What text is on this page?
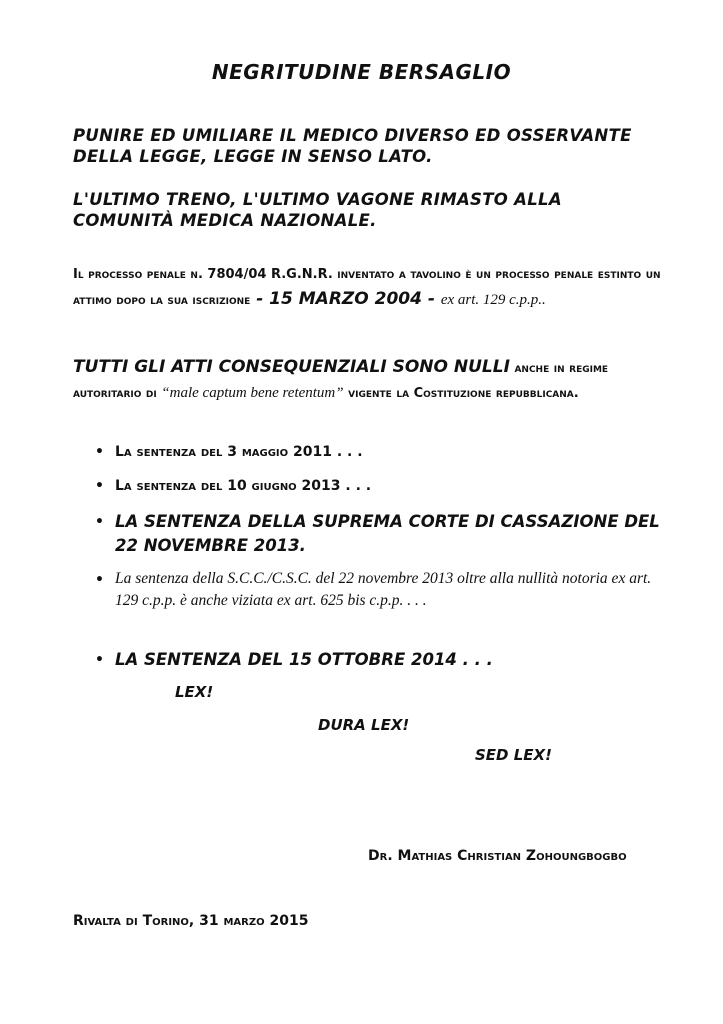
NEGRITUDINE BERSAGLIO
PUNIRE ED UMILIARE IL MEDICO DIVERSO ED OSSERVANTE DELLA LEGGE, LEGGE IN SENSO LATO.
L'ULTIMO TRENO, L'ULTIMO VAGONE RIMASTO ALLA COMUNITÀ MEDICA NAZIONALE.
Il processo penale n. 7804/04 R.G.N.R. inventato a tavolino è un processo penale estinto un attimo dopo la sua iscrizione - 15 MARZO 2004 - ex art. 129 c.p.p..
TUTTI GLI ATTI CONSEQUENZIALI SONO NULLI anche in regime autoritario di “male captum bene retentum” vigente la Costituzione repubblicana.
• La sentenza del 3 maggio 2011 . . .
• La sentenza del 10 giugno 2013 . . .
• LA SENTENZA DELLA SUPREMA CORTE DI CASSAZIONE DEL 22 NOVEMBRE 2013.
• La sentenza della S.C.C./C.S.C. del 22 novembre 2013 oltre alla nullità notoria ex art. 129 c.p.p. è anche viziata ex art. 625 bis c.p.p. . . .
• LA SENTENZA DEL 15 OTTOBRE 2014 . . .
LEX!
DURA LEX!
SED LEX!
Dr. Mathias Christian Zohoungbogbo
Rivalta di Torino, 31 marzo 2015
